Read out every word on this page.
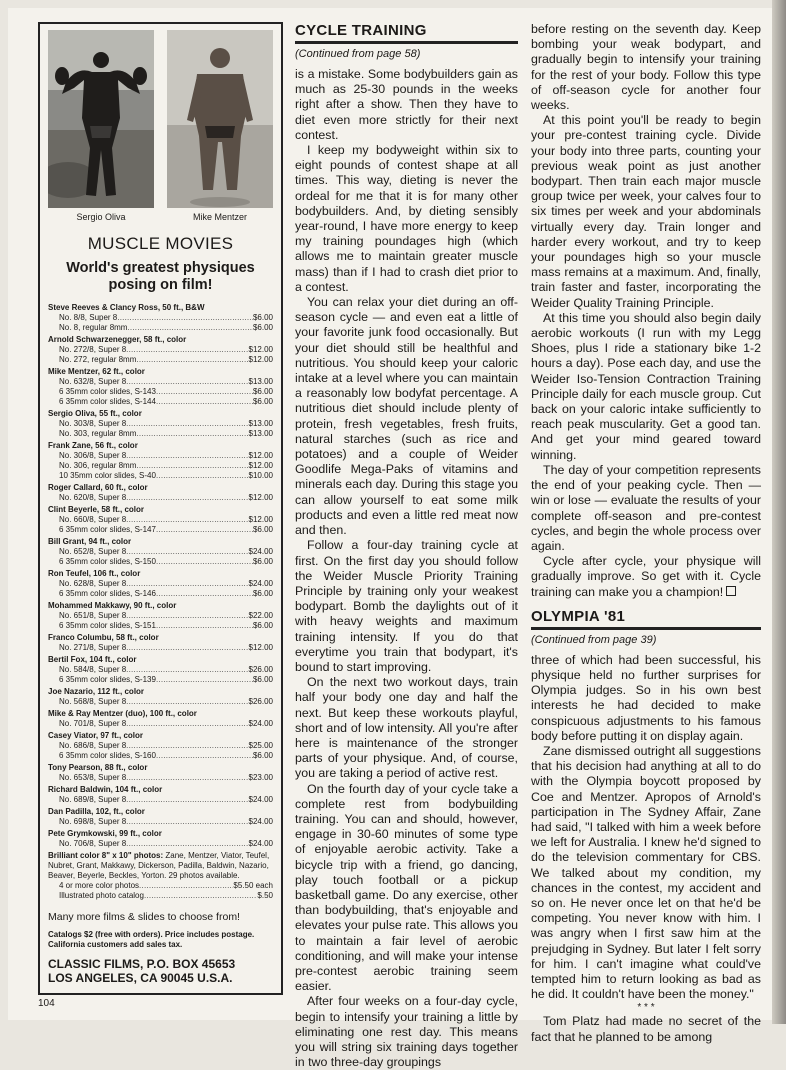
Sergio Oliva	Mike Mentzer
MUSCLE MOVIES
World's greatest physiques posing on film!
Steve Reeves & Clancy Ross, 50 ft., B&W
No. 8/8, Super 8 . . .	$6.00
No. 8, regular 8mm . . .	$6.00
Arnold Schwarzenegger, 58 ft., color
No. 272/8, Super 8 . . .	$12.00
No. 272, regular 8mm . . .	$12.00
Mike Mentzer, 62 ft., color
No. 632/8, Super 8 . . .	$13.00
6 35mm color slides, S-143 . . .	$6.00
6 35mm color slides, S-144 . . .	$6.00
Sergio Oliva, 55 ft., color
No. 303/8, Super 8 . . .	$13.00
No. 303, regular 8mm . . .	$13.00
Frank Zane, 56 ft., color
No. 306/8, Super 8 . . .	$12.00
No. 306, regular 8mm . . .	$12.00
10 35mm color slides, S-40 . . .	$10.00
Roger Callard, 60 ft., color
No. 620/8, Super 8 . . .	$12.00
Clint Beyerle, 58 ft., color
No. 660/8, Super 8 . . .	$12.00
6 35mm color slides, S-147 . . .	$6.00
Bill Grant, 94 ft., color
No. 652/8, Super 8 . . .	$24.00
6 35mm color slides, S-150 . . .	$6.00
Ron Teufel, 106 ft., color
No. 628/8, Super 8 . . .	$24.00
6 35mm color slides, S-146 . . .	$6.00
Mohammed Makkawy, 90 ft., color
No. 651/8, Super 8 . . .	$22.00
6 35mm color slides, S-151 . . .	$6.00
Franco Columbu, 58 ft., color
No. 271/8, Super 8 . . .	$12.00
Bertil Fox, 104 ft., color
No. 584/8, Super 8 . . .	$26.00
6 35mm color slides, S-139 . . .	$6.00
Joe Nazario, 112 ft., color
No. 568/8, Super 8 . . .	$26.00
Mike & Ray Mentzer (duo), 100 ft., color
No. 701/8, Super 8 . . .	$24.00
Casey Viator, 97 ft., color
No. 686/8, Super 8 . . .	$25.00
6 35mm color slides, S-160 . . .	$6.00
Tony Pearson, 88 ft., color
No. 653/8, Super 8 . . .	$23.00
Richard Baldwin, 104 ft., color
No. 689/8, Super 8 . . .	$24.00
Dan Padilla, 102, ft., color
No. 698/8, Super 8 . . .	$24.00
Pete Grymkowski, 99 ft., color
No. 706/8, Super 8 . . .	$24.00
Brilliant color 8" x 10" photos: Zane, Mentzer, Viator, Teufel, Nubret, Grant, Makkawy, Dickerson, Padilla, Baldwin, Nazario, Beaver, Beyerle, Beckles, Yorton. 29 photos available.
4 or more color photos . . .	$5.50 each
Illustrated photo catalog . . .	$.50
Many more films & slides to choose from!
Catalogs $2 (free with orders). Price includes postage. California customers add sales tax.
CLASSIC FILMS, P.O. BOX 45653
LOS ANGELES, CA 90045 U.S.A.
CYCLE TRAINING
(Continued from page 58)

is a mistake. Some bodybuilders gain as much as 25-30 pounds in the weeks right after a show. Then they have to diet even more strictly for their next contest.

I keep my bodyweight within six to eight pounds of contest shape at all times. This way, dieting is never the ordeal for me that it is for many other bodybuilders. And, by dieting sensibly year-round, I have more energy to keep my training poundages high (which allows me to maintain greater muscle mass) than if I had to crash diet prior to a contest.

You can relax your diet during an off-season cycle — and even eat a little of your favorite junk food occasionally. But your diet should still be healthful and nutritious. You should keep your caloric intake at a level where you can maintain a reasonably low bodyfat percentage. A nutritious diet should include plenty of protein, fresh vegetables, fresh fruits, natural starches (such as rice and potatoes) and a couple of Weider Goodlife Mega-Paks of vitamins and minerals each day. During this stage you can allow yourself to eat some milk products and even a little red meat now and then.

Follow a four-day training cycle at first. On the first day you should follow the Weider Muscle Priority Training Principle by training only your weakest bodypart. Bomb the daylights out of it with heavy weights and maximum training intensity. If you do that everytime you train that bodypart, it's bound to start improving.

On the next two workout days, train half your body one day and half the next. But keep these workouts playful, short and of low intensity. All you're after here is maintenance of the stronger parts of your physique. And, of course, you are taking a period of active rest.

On the fourth day of your cycle take a complete rest from bodybuilding training. You can and should, however, engage in 30-60 minutes of some type of enjoyable aerobic activity. Take a bicycle trip with a friend, go dancing, play touch football or a pickup basketball game. Do any exercise, other than bodybuilding, that's enjoyable and elevates your pulse rate. This allows you to maintain a fair level of aerobic conditioning, and will make your intense pre-contest aerobic training seem easier.

After four weeks on a four-day cycle, begin to intensify your training a little by eliminating one rest day. This means you will string six training days together in two three-day groupings

before resting on the seventh day. Keep bombing your weak bodypart, and gradually begin to intensify your training for the rest of your body. Follow this type of off-season cycle for another four weeks.

At this point you'll be ready to begin your pre-contest training cycle. Divide your body into three parts, counting your previous weak point as just another bodypart. Then train each major muscle group twice per week, your calves four to six times per week and your abdominals virtually every day. Train longer and harder every workout, and try to keep your poundages high so your muscle mass remains at a maximum. And, finally, train faster and faster, incorporating the Weider Quality Training Principle.

At this time you should also begin daily aerobic workouts (I run with my Legg Shoes, plus I ride a stationary bike 1-2 hours a day). Pose each day, and use the Weider Iso-Tension Contraction Training Principle daily for each muscle group. Cut back on your caloric intake sufficiently to reach peak muscularity. Get a good tan. And get your mind geared toward winning.

The day of your competition represents the end of your peaking cycle. Then — win or lose — evaluate the results of your complete off-season and pre-contest cycles, and begin the whole process over again.

Cycle after cycle, your physique will gradually improve. So get with it. Cycle training can make you a champion!

OLYMPIA '81
(Continued from page 39)

three of which had been successful, his physique held no further surprises for Olympia judges. So in his own best interests he had decided to make conspicuous adjustments to his famous body before putting it on display again.

Zane dismissed outright all suggestions that his decision had anything at all to do with the Olympia boycott proposed by Coe and Mentzer. Apropos of Arnold's participation in The Sydney Affair, Zane had said, "I talked with him a week before we left for Australia. I knew he'd signed to do the television commentary for CBS. We talked about my condition, my chances in the contest, my accident and so on. He never once let on that he'd be competing. You never know with him. I was angry when I first saw him at the prejudging in Sydney. But later I felt sorry for him. I can't imagine what could've tempted him to return looking as bad as he did. It couldn't have been the money."

* * *

Tom Platz had made no secret of the fact that he planned to be among

104
